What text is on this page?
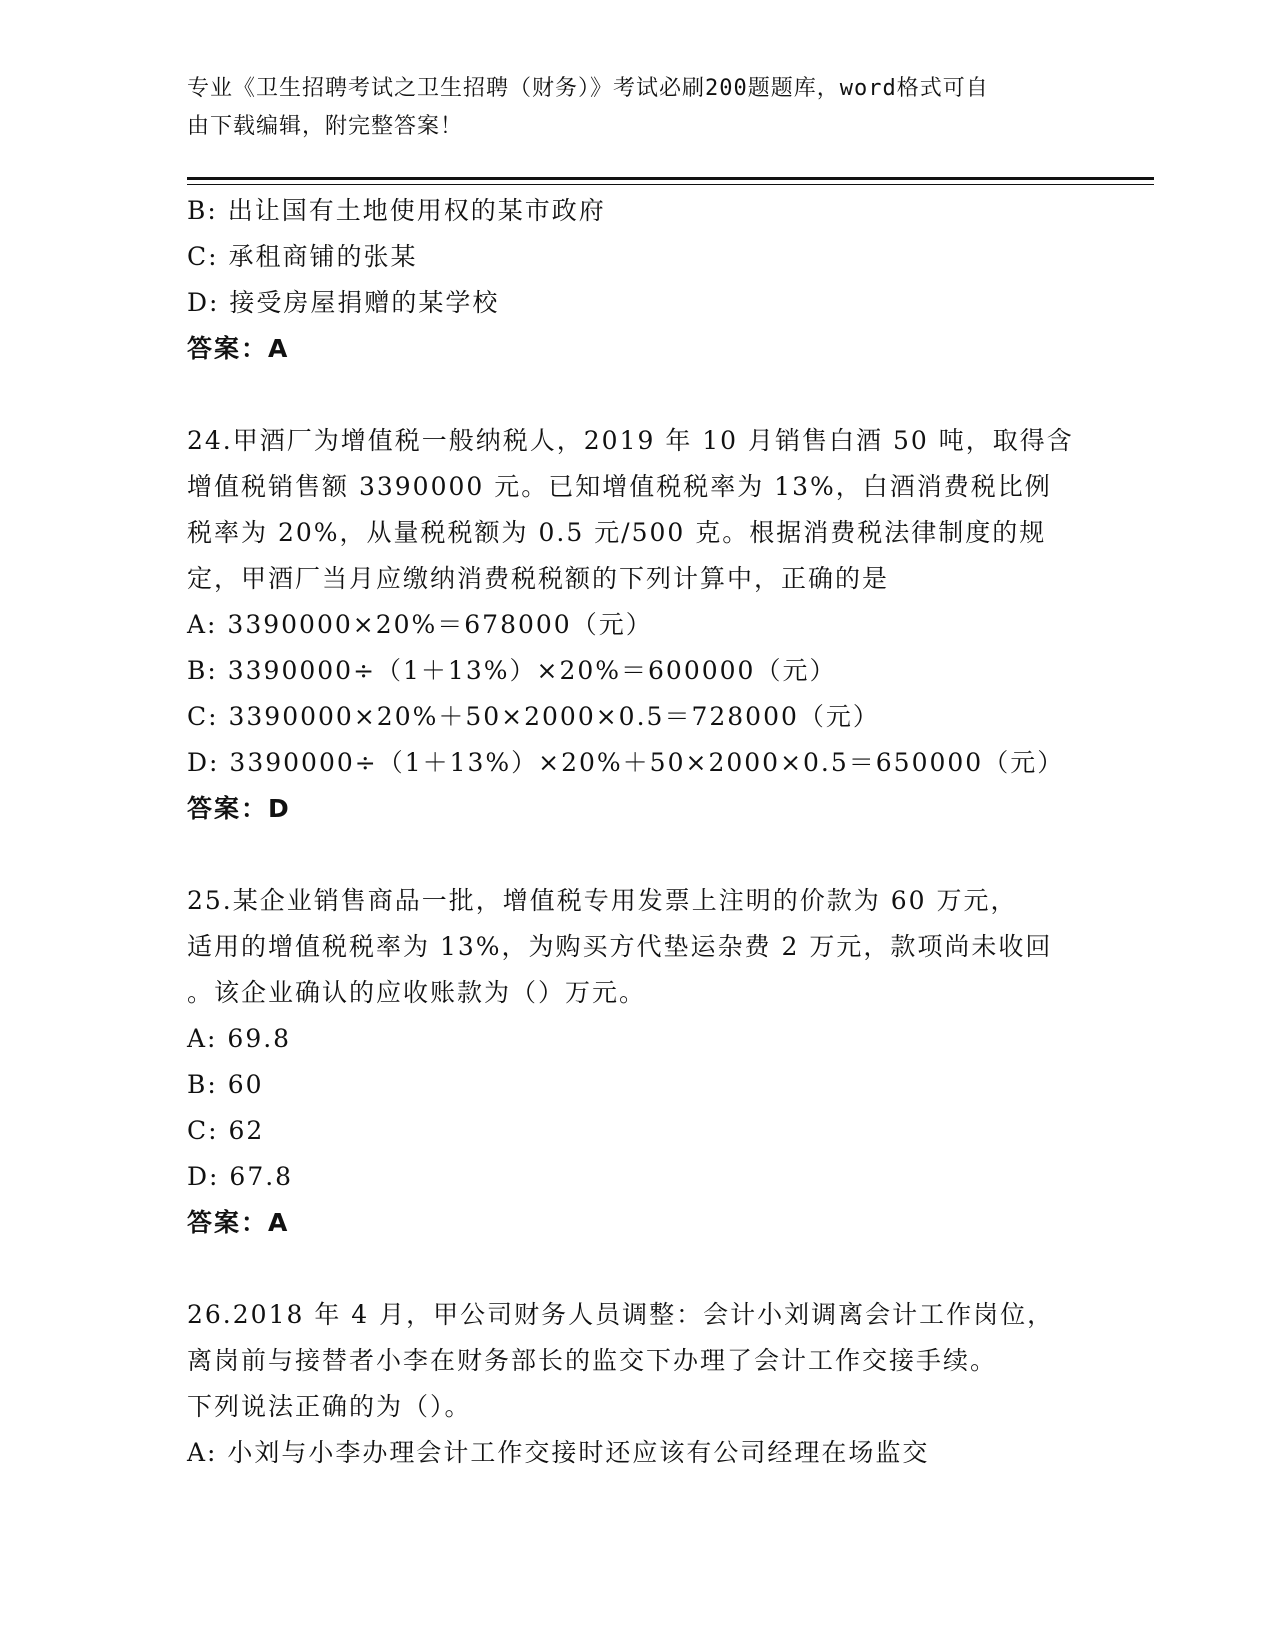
专业《卫生招聘考试之卫生招聘（财务）》考试必刷200题题库，word格式可自
由下载编辑，附完整答案！
B: 出让国有土地使用权的某市政府
C: 承租商铺的张某
D: 接受房屋捐赠的某学校
答案：A
24.甲酒厂为增值税一般纳税人，2019 年 10 月销售白酒 50 吨，取得含
增值税销售额 3390000 元。已知增值税税率为 13%，白酒消费税比例
税率为 20%，从量税税额为 0.5 元/500 克。根据消费税法律制度的规
定，甲酒厂当月应缴纳消费税税额的下列计算中，正确的是
A: 3390000×20%＝678000（元）
B: 3390000÷（1＋13%）×20%＝600000（元）
C: 3390000×20%＋50×2000×0.5＝728000（元）
D: 3390000÷（1＋13%）×20%＋50×2000×0.5＝650000（元）
答案：D
25.某企业销售商品一批，增值税专用发票上注明的价款为 60 万元，
适用的增值税税率为 13%，为购买方代垫运杂费 2 万元，款项尚未收回
。该企业确认的应收账款为（）万元。
A: 69.8
B: 60
C: 62
D: 67.8
答案：A
26.2018 年 4 月，甲公司财务人员调整：会计小刘调离会计工作岗位，
离岗前与接替者小李在财务部长的监交下办理了会计工作交接手续。
下列说法正确的为（）。
A: 小刘与小李办理会计工作交接时还应该有公司经理在场监交
